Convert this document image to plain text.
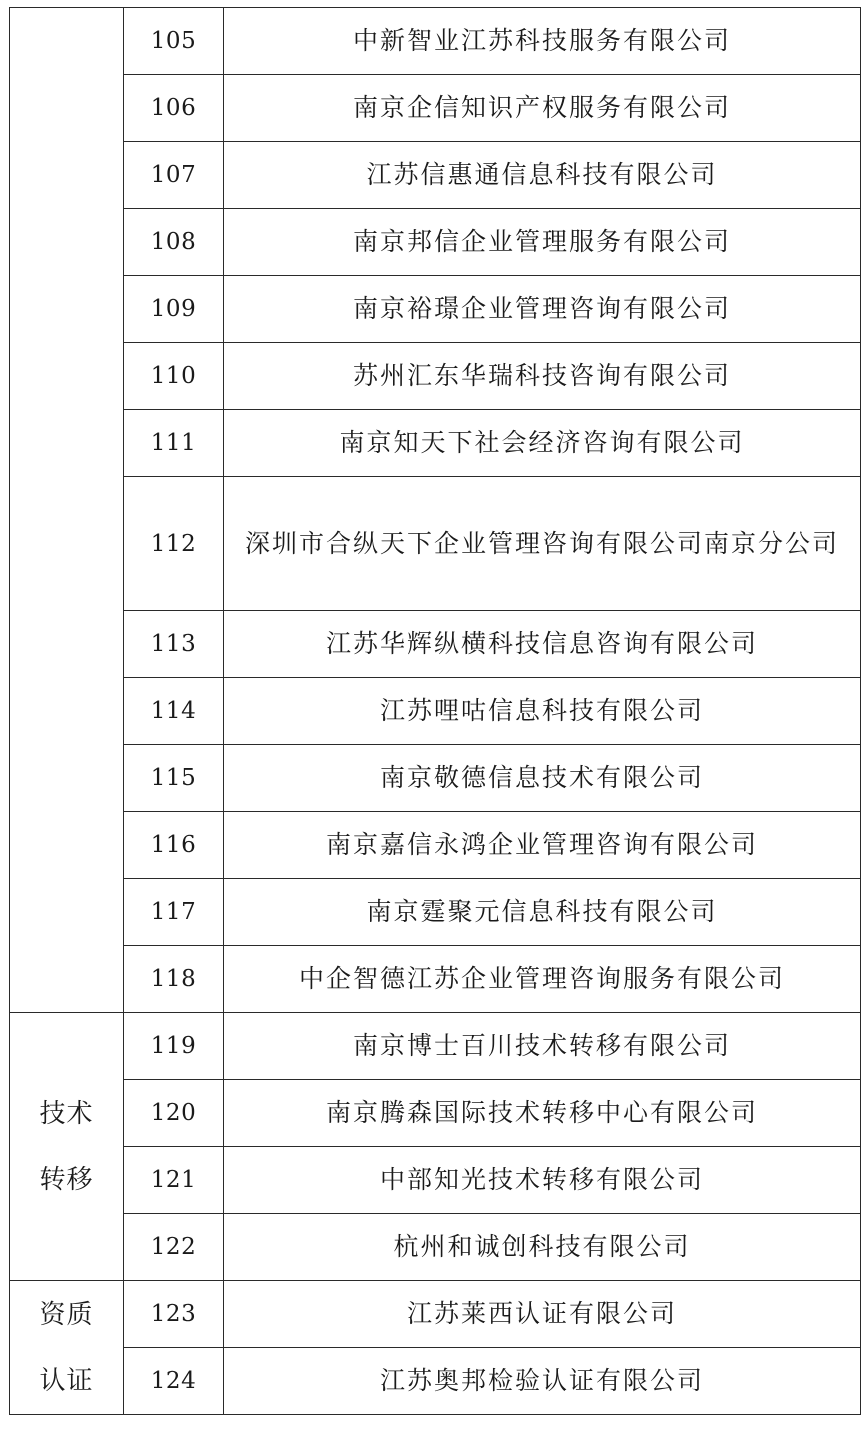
	105	中新智业江苏科技服务有限公司
	106	南京企信知识产权服务有限公司
	107	江苏信惠通信息科技有限公司
	108	南京邦信企业管理服务有限公司
	109	南京裕璟企业管理咨询有限公司
	110	苏州汇东华瑞科技咨询有限公司
	111	南京知天下社会经济咨询有限公司
	112	深圳市合纵天下企业管理咨询有限公司南京分公司
	113	江苏华辉纵横科技信息咨询有限公司
	114	江苏哩咕信息科技有限公司
	115	南京敬德信息技术有限公司
	116	南京嘉信永鸿企业管理咨询有限公司
	117	南京霆聚元信息科技有限公司
	118	中企智德江苏企业管理咨询服务有限公司

技术
转移	119	南京博士百川技术转移有限公司
	120	南京腾森国际技术转移中心有限公司
	121	中部知光技术转移有限公司
	122	杭州和诚创科技有限公司

资质
认证	123	江苏莱西认证有限公司
	124	江苏奥邦检验认证有限公司
